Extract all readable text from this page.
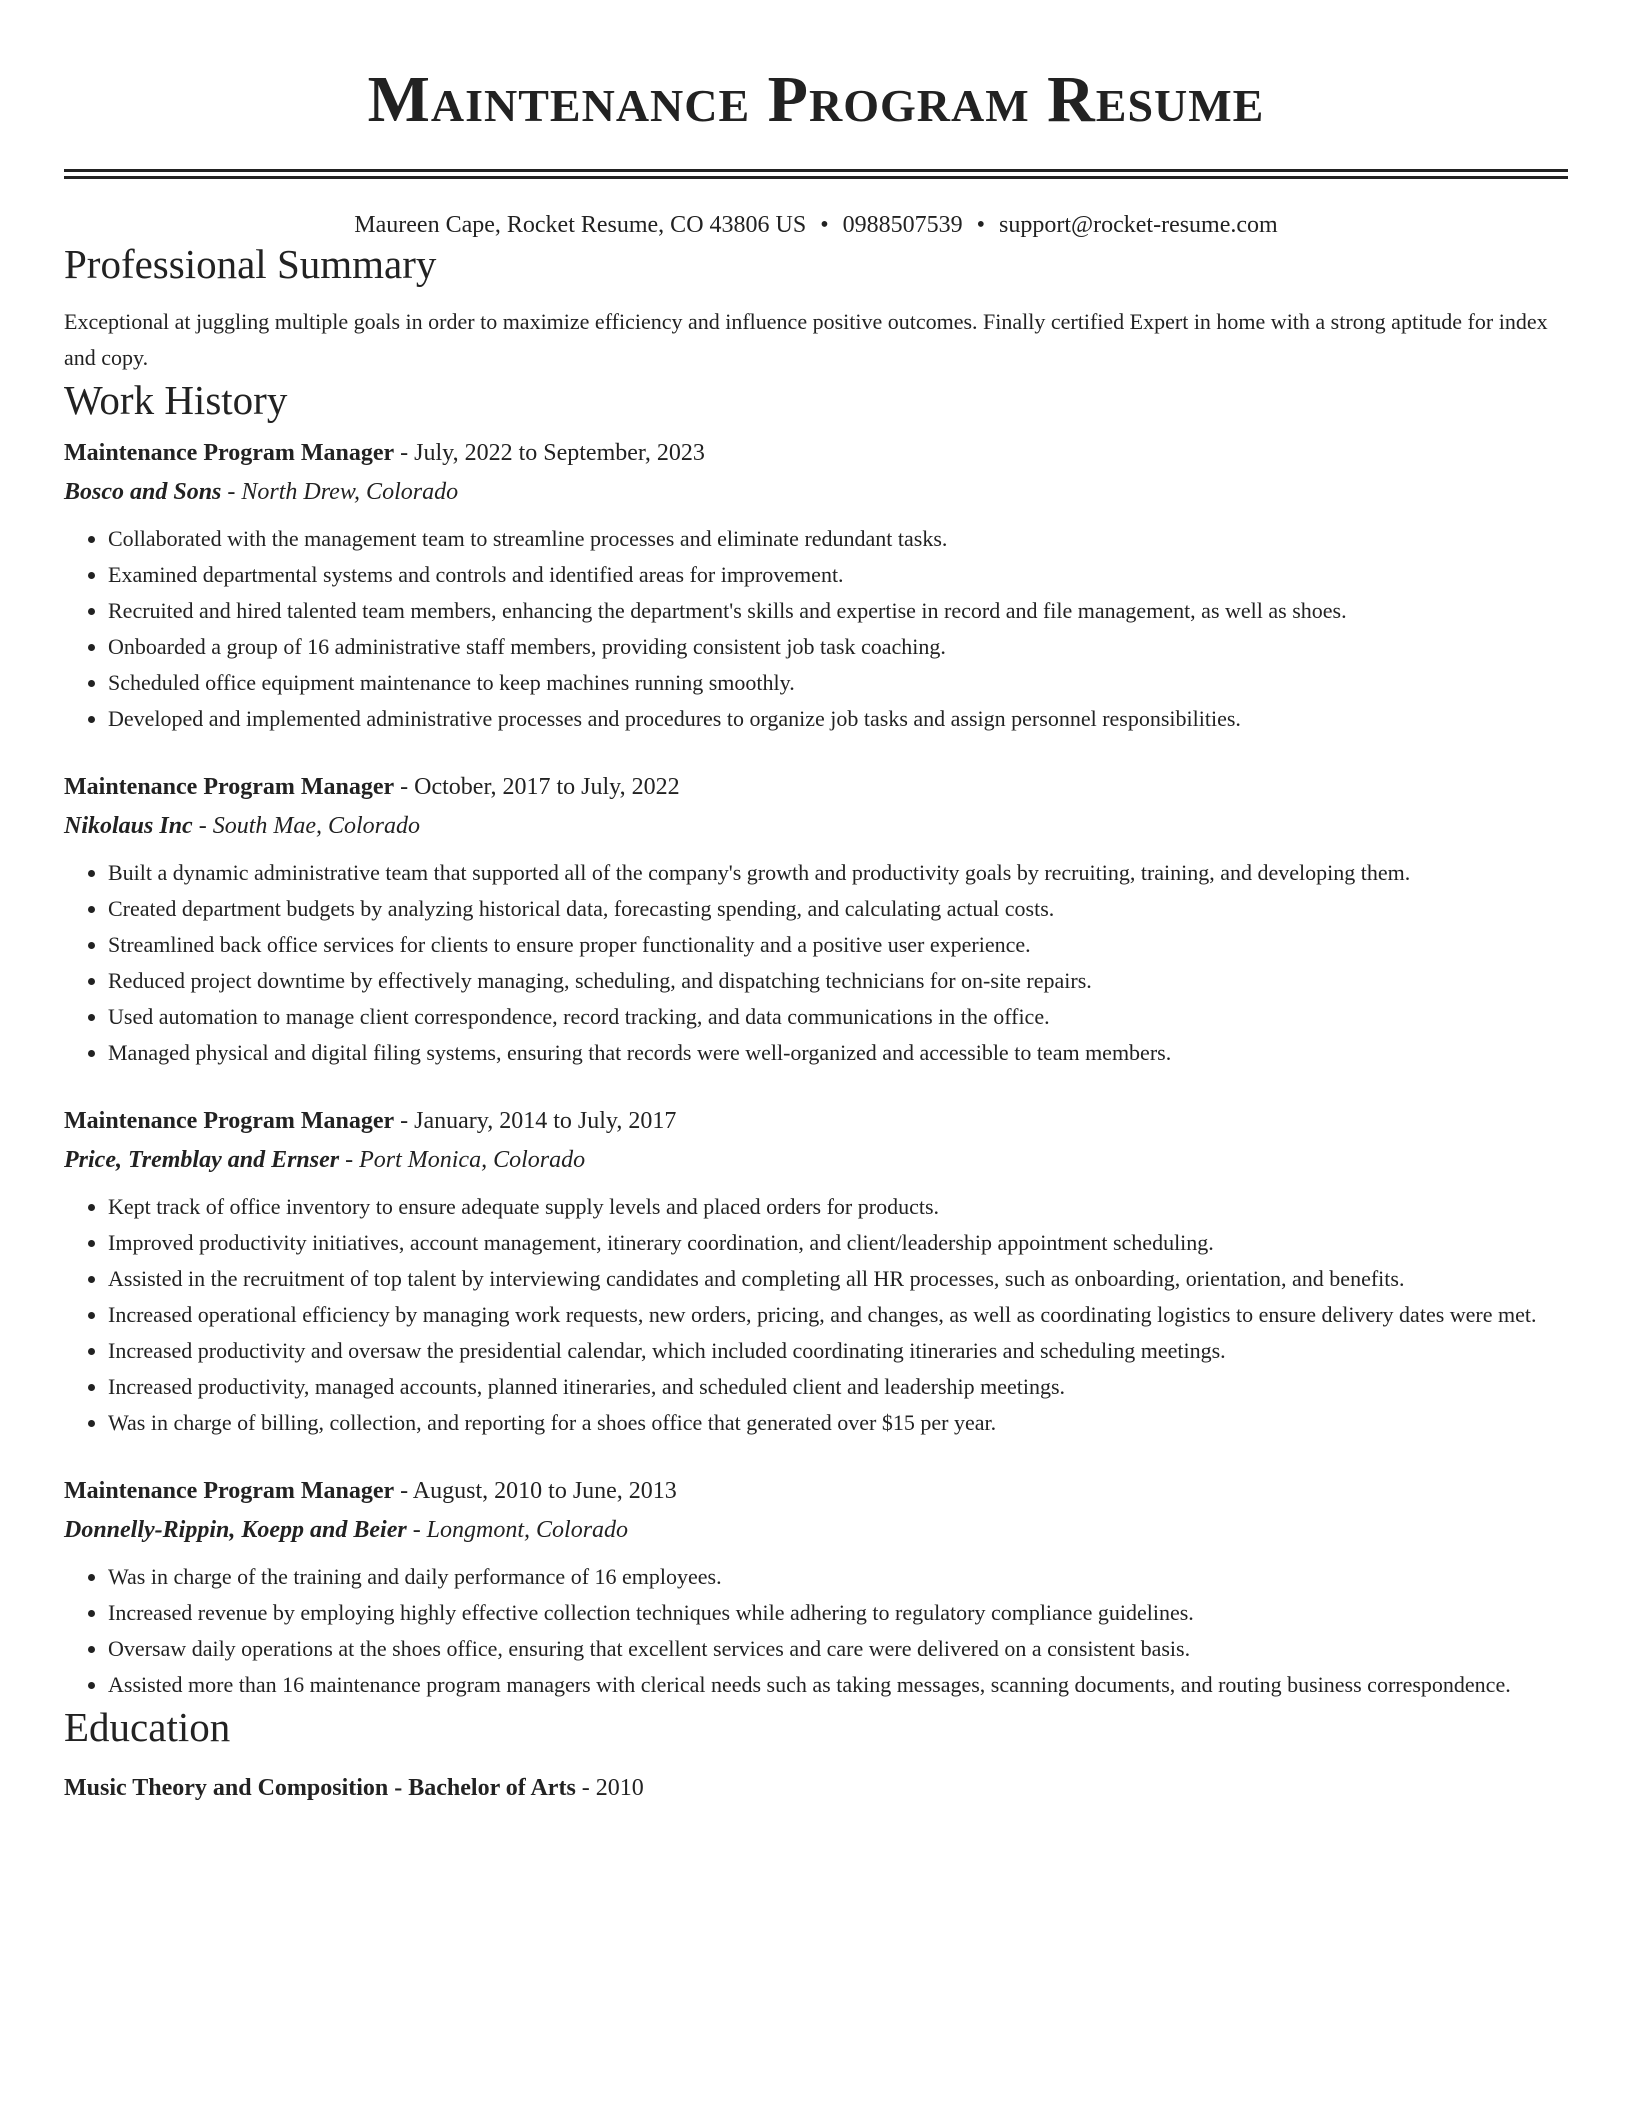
Maintenance Program Resume
Maureen Cape, Rocket Resume, CO 43806 US • 0988507539 • support@rocket-resume.com
Professional Summary
Exceptional at juggling multiple goals in order to maximize efficiency and influence positive outcomes. Finally certified Expert in home with a strong aptitude for index and copy.
Work History
Maintenance Program Manager - July, 2022 to September, 2023
Bosco and Sons - North Drew, Colorado
• Collaborated with the management team to streamline processes and eliminate redundant tasks.
• Examined departmental systems and controls and identified areas for improvement.
• Recruited and hired talented team members, enhancing the department's skills and expertise in record and file management, as well as shoes.
• Onboarded a group of 16 administrative staff members, providing consistent job task coaching.
• Scheduled office equipment maintenance to keep machines running smoothly.
• Developed and implemented administrative processes and procedures to organize job tasks and assign personnel responsibilities.
Maintenance Program Manager - October, 2017 to July, 2022
Nikolaus Inc - South Mae, Colorado
• Built a dynamic administrative team that supported all of the company's growth and productivity goals by recruiting, training, and developing them.
• Created department budgets by analyzing historical data, forecasting spending, and calculating actual costs.
• Streamlined back office services for clients to ensure proper functionality and a positive user experience.
• Reduced project downtime by effectively managing, scheduling, and dispatching technicians for on-site repairs.
• Used automation to manage client correspondence, record tracking, and data communications in the office.
• Managed physical and digital filing systems, ensuring that records were well-organized and accessible to team members.
Maintenance Program Manager - January, 2014 to July, 2017
Price, Tremblay and Ernser - Port Monica, Colorado
• Kept track of office inventory to ensure adequate supply levels and placed orders for products.
• Improved productivity initiatives, account management, itinerary coordination, and client/leadership appointment scheduling.
• Assisted in the recruitment of top talent by interviewing candidates and completing all HR processes, such as onboarding, orientation, and benefits.
• Increased operational efficiency by managing work requests, new orders, pricing, and changes, as well as coordinating logistics to ensure delivery dates were met.
• Increased productivity and oversaw the presidential calendar, which included coordinating itineraries and scheduling meetings.
• Increased productivity, managed accounts, planned itineraries, and scheduled client and leadership meetings.
• Was in charge of billing, collection, and reporting for a shoes office that generated over $15 per year.
Maintenance Program Manager - August, 2010 to June, 2013
Donnelly-Rippin, Koepp and Beier - Longmont, Colorado
• Was in charge of the training and daily performance of 16 employees.
• Increased revenue by employing highly effective collection techniques while adhering to regulatory compliance guidelines.
• Oversaw daily operations at the shoes office, ensuring that excellent services and care were delivered on a consistent basis.
• Assisted more than 16 maintenance program managers with clerical needs such as taking messages, scanning documents, and routing business correspondence.
Education
Music Theory and Composition - Bachelor of Arts - 2010
